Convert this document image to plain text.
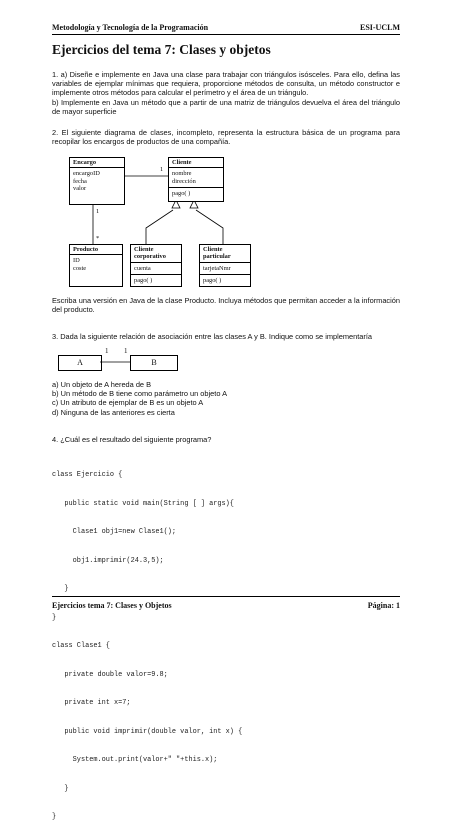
Metodología y Tecnología de la Programación	ESI-UCLM
Ejercicios del tema 7: Clases y objetos
1. a) Diseñe e implemente en Java una clase para trabajar con triángulos isósceles. Para ello, defina las variables de ejemplar mínimas que requiera, proporcione métodos de consulta, un método constructor e implemente otros métodos para calcular el perímetro y el área de un triángulo.
b) Implemente en Java un método que a partir de una matriz de triángulos devuelva el área del triángulo de mayor superficie
2. El siguiente diagrama de clases, incompleto, representa la estructura básica de un programa para recopilar los encargos de productos de una compañía.
1
1
*
Encargo
encargoID
fecha
valor
Cliente
nombre
dirección
pago( )
Producto
ID
coste
Cliente corporativo
cuenta
pago( )
Cliente particular
tarjetaNmr
pago( )
Escriba una versión en Java de la clase Producto. Incluya métodos que permitan acceder a la información del producto.
3. Dada la siguiente relación de asociación entre las clases A y B. Indique como se implementaría
A	B
1 1
a) Un objeto de A hereda de B
b) Un método de B tiene como parámetro un objeto A
c) Un atributo de ejemplar de B es un objeto A
d) Ninguna de las anteriores es cierta
4. ¿Cuál es el resultado del siguiente programa?

class Ejercicio {

public static void main(String [ ] args){

Clase1 obj1=new Clase1();

obj1.imprimir(24.3,5);

}

}

class Clase1 {

private double valor=9.8;

private int x=7;

public void imprimir(double valor, int x) {

System.out.print(valor+" "+this.x);

}

}

Ejercicios tema 7: Clases y Objetos	Página: 1
